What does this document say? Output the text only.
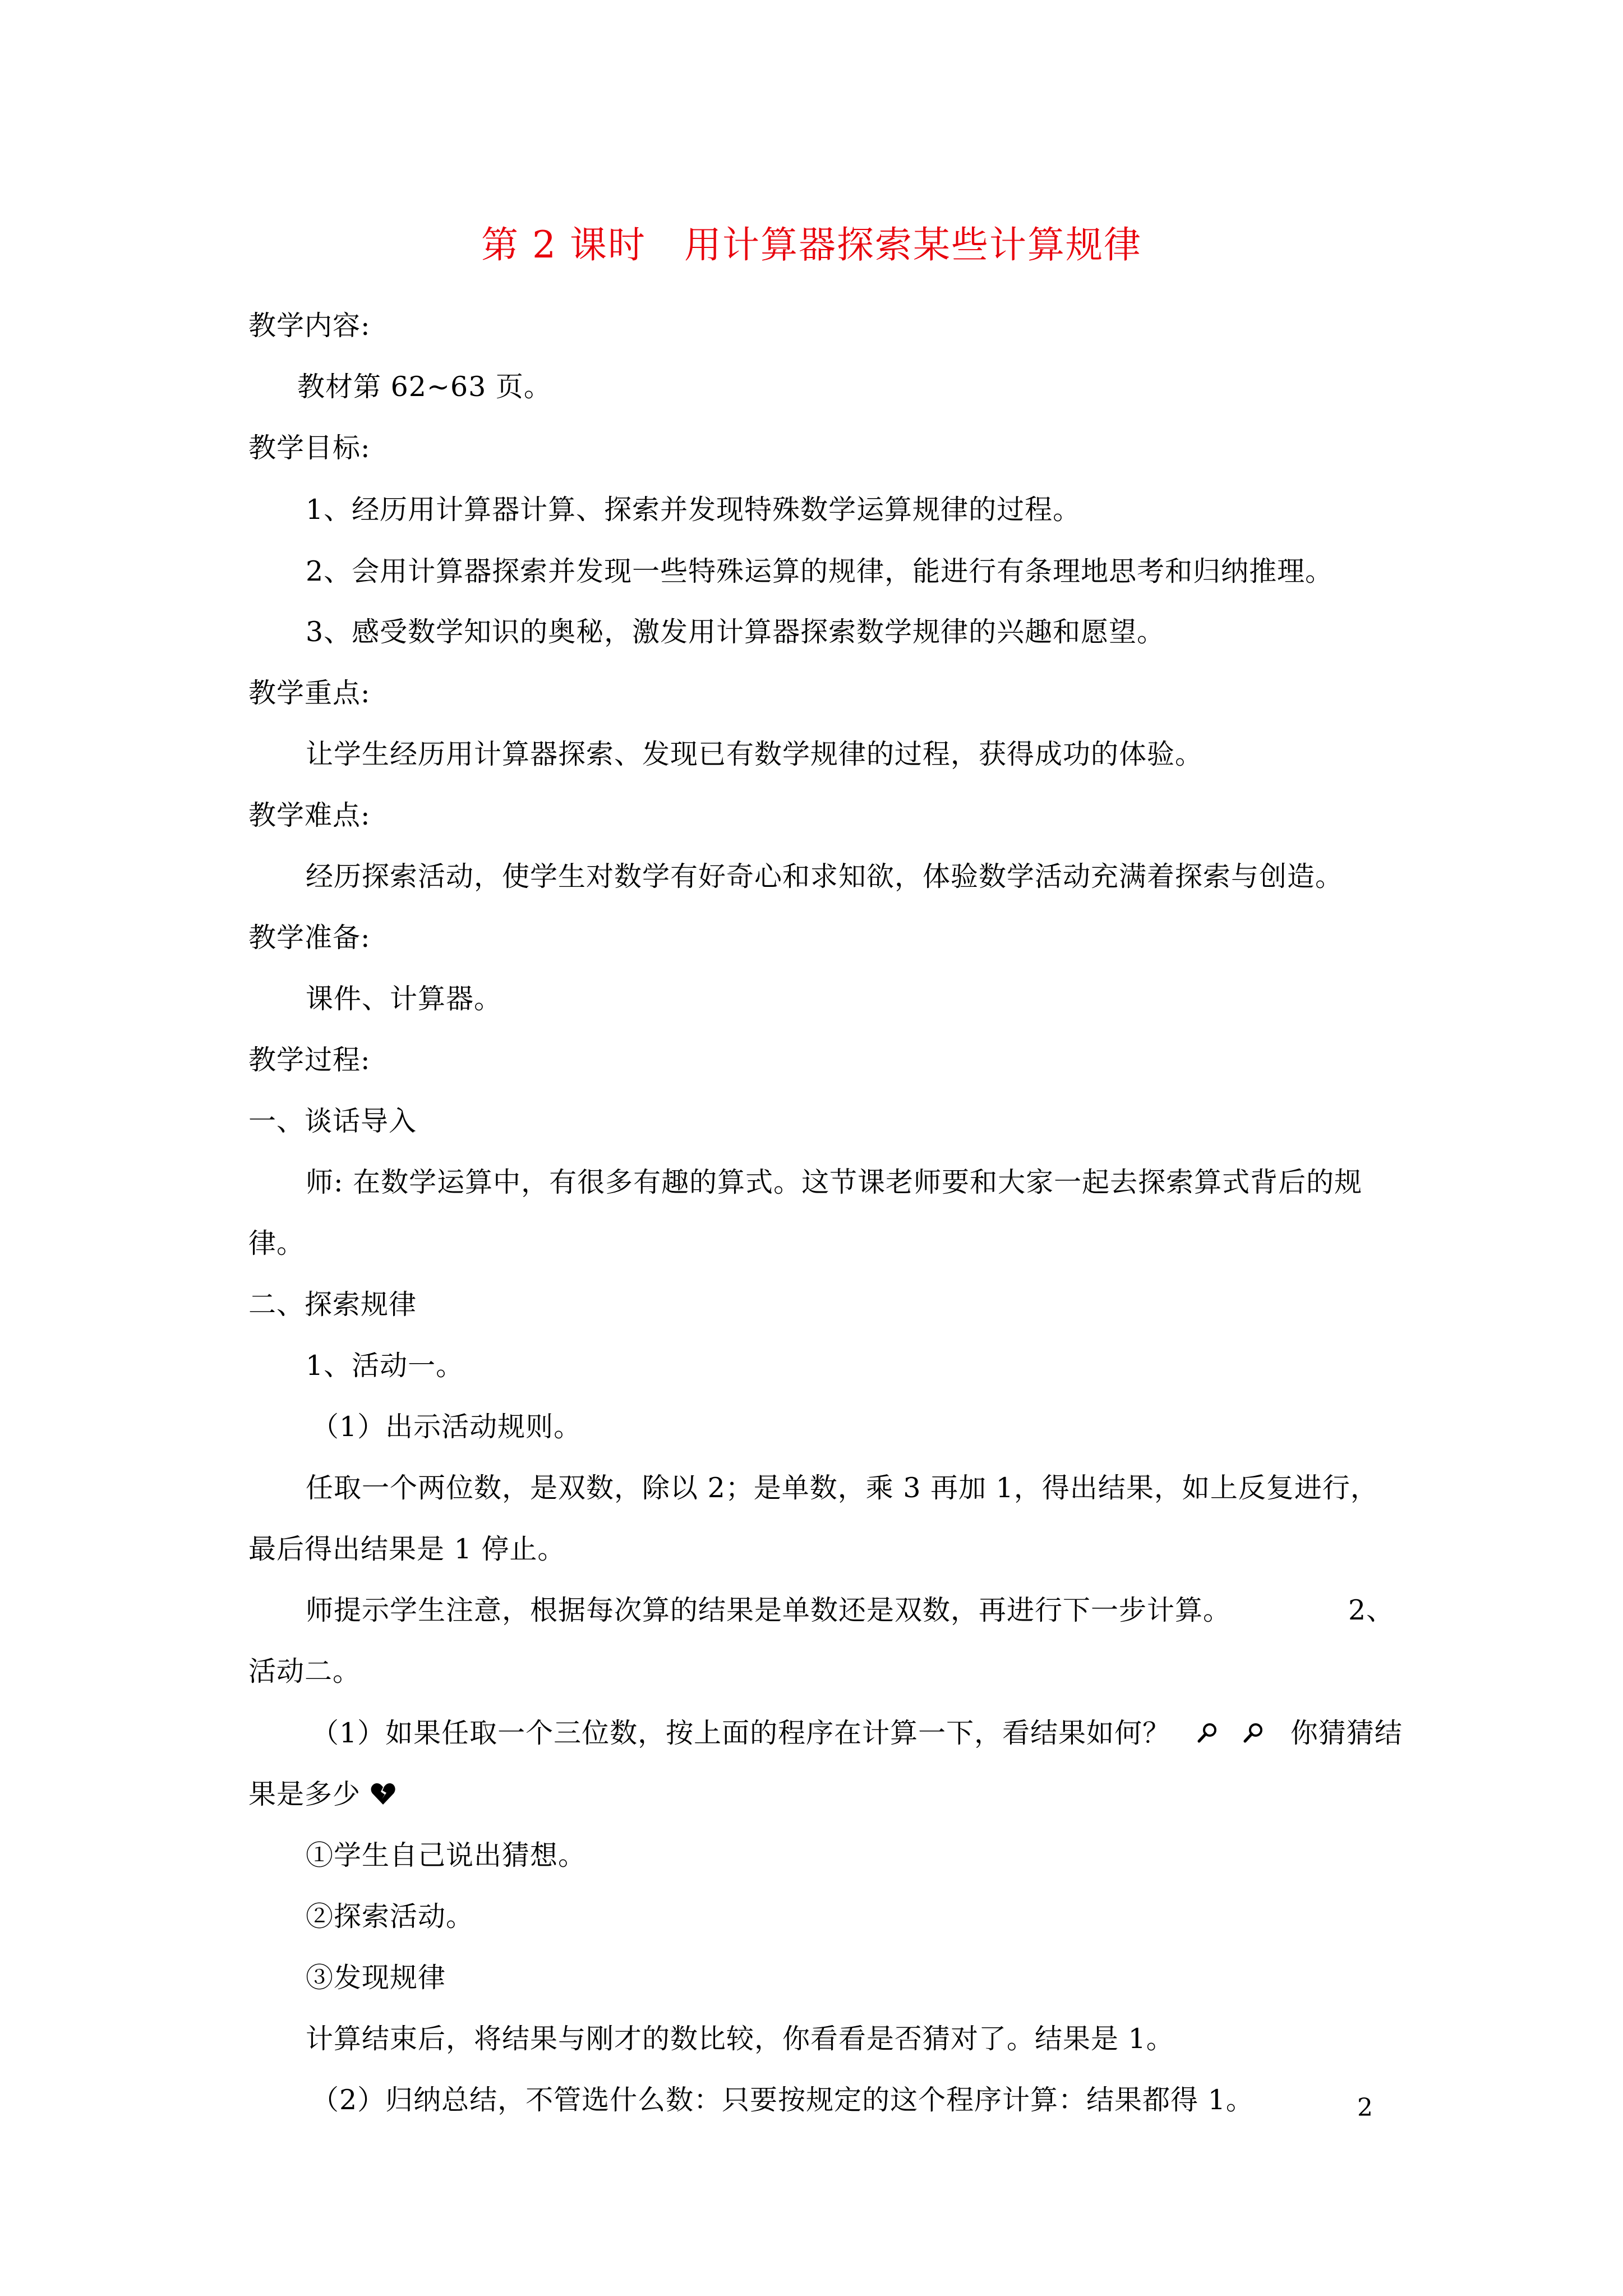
第 2 课时　用计算器探索某些计算规律
教学内容:
教材第 62~63 页。
教学目标:
1、经历用计算器计算、探索并发现特殊数学运算规律的过程。
2、会用计算器探索并发现一些特殊运算的规律，能进行有条理地思考和归纳推理。
3、感受数学知识的奥秘，激发用计算器探索数学规律的兴趣和愿望。
教学重点:
让学生经历用计算器探索、发现已有数学规律的过程，获得成功的体验。
教学难点:
经历探索活动，使学生对数学有好奇心和求知欲，体验数学活动充满着探索与创造。
教学准备:
课件、计算器。
教学过程:
一、谈话导入
师: 在数学运算中，有很多有趣的算式。这节课老师要和大家一起去探索算式背后的规
律。
二、探索规律
1、活动一。
（1）出示活动规则。
任取一个两位数，是双数，除以 2；是单数，乘 3 再加 1，得出结果，如上反复进行，
最后得出结果是 1 停止。
师提示学生注意，根据每次算的结果是单数还是双数，再进行下一步计算。	2、
活动二。
（1）如果任取一个三位数，按上面的程序在计算一下，看结果如何？	你猜猜结
果是多少
①学生自己说出猜想。
②探索活动。
③发现规律
计算结束后，将结果与刚才的数比较，你看看是否猜对了。结果是 1。
（2）归纳总结，不管选什么数：只要按规定的这个程序计算：结果都得 1。	2
